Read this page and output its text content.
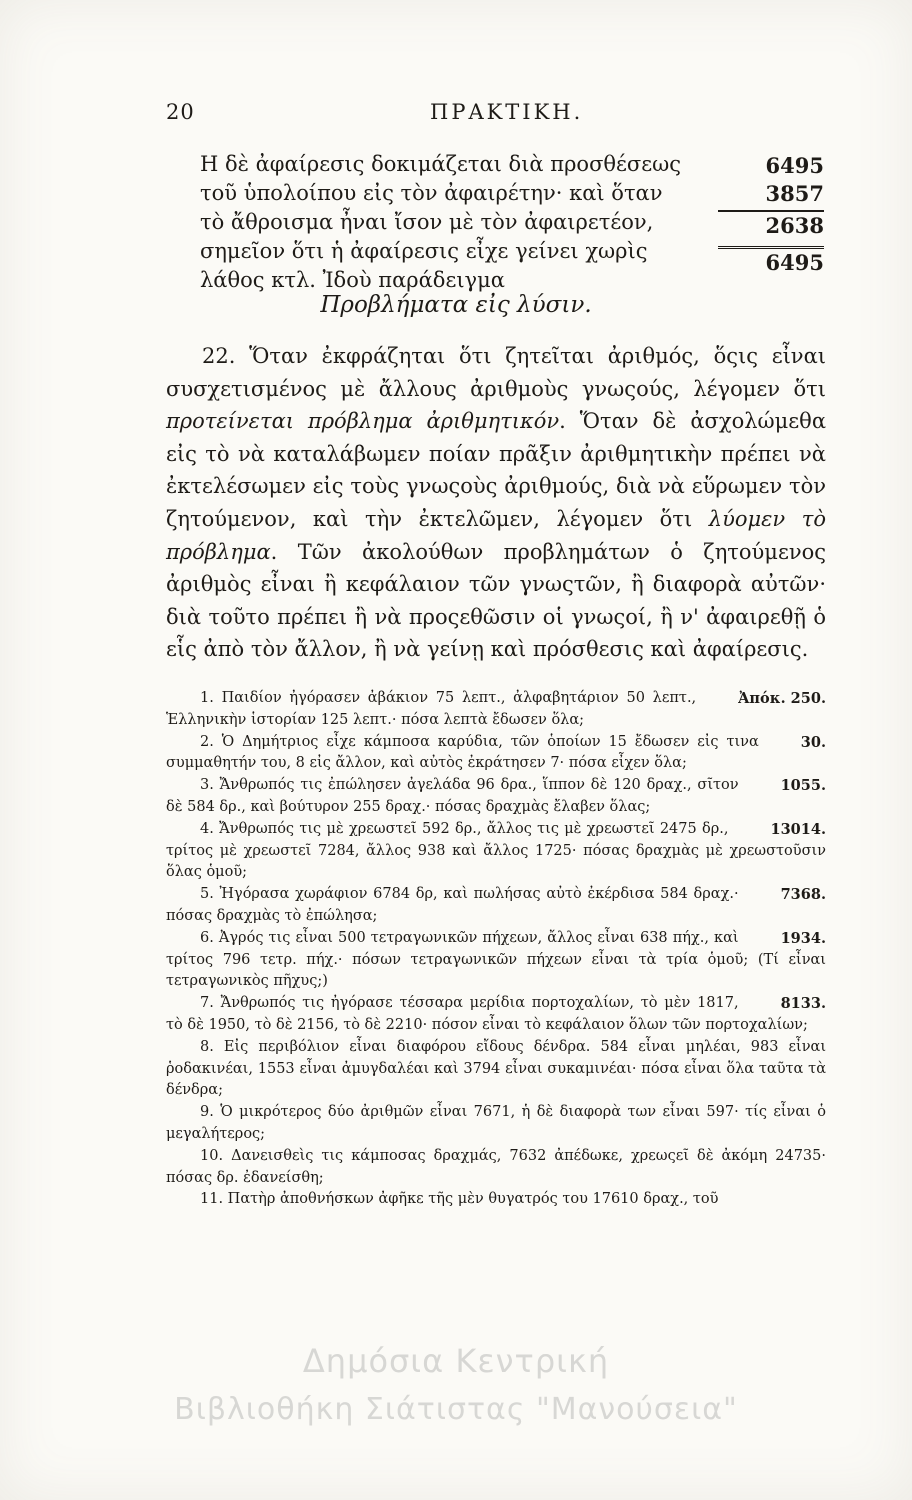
20	ΠΡΑΚΤΙΚΗ.

Η δὲ ἀφαίρεσις δοκιμάζεται διὰ προσθέσεως τοῦ ὑπολοίπου εἰς τὸν ἀφαιρέτην· καὶ ὅταν τὸ ἄθροισμα ἦναι ἴσον μὲ τὸν ἀφαιρετέον, σημεῖον ὅτι ἡ ἀφαίρεσις εἶχε γείνει χωρὶς λάθος κτλ. Ἰδοὺ παράδειγμα

6495
3857
2638
6495
Προβλήματα εἰς λύσιν.

22. Ὅταν ἐκφράζηται ὅτι ζητεῖται ἀριθμός, ὅςις εἶναι συσχετισμένος μὲ ἄλλους ἀριθμοὺς γνωςούς, λέγομεν ὅτι προτείνεται πρόβλημα ἀριθμητικόν. Ὅταν δὲ ἀσχολώμεθα εἰς τὸ νὰ καταλάβωμεν ποίαν πρᾶξιν ἀριθμητικὴν πρέπει νὰ ἐκτελέσωμεν εἰς τοὺς γνωςοὺς ἀριθμούς, διὰ νὰ εὕρωμεν τὸν ζητούμενον, καὶ τὴν ἐκτελῶμεν, λέγομεν ὅτι λύομεν τὸ πρόβλημα. Τῶν ἀκολούθων προβλημάτων ὁ ζητούμενος ἀριθμὸς εἶναι ἢ κεφάλαιον τῶν γνωςτῶν, ἢ διαφορὰ αὐτῶν· διὰ τοῦτο πρέπει ἢ νὰ προςεθῶσιν οἱ γνωςοί, ἢ ν' ἀφαιρεθῇ ὁ εἷς ἀπὸ τὸν ἄλλον, ἢ νὰ γείνῃ καὶ πρόσθεσις καὶ ἀφαίρεσις.

Ἀπόκ. 250.
1. Παιδίον ἠγόρασεν ἀβάκιον 75 λεπτ., ἀλφαβητάριον 50 λεπτ., Ἑλληνικὴν ἱστορίαν 125 λεπτ.· πόσα λεπτὰ ἔδωσεν ὅλα;

30.
2. Ὁ Δημήτριος εἶχε κάμποσα καρύδια, τῶν ὁποίων 15 ἔδωσεν εἰς τινα συμμαθητήν του, 8 εἰς ἄλλον, καὶ αὐτὸς ἐκράτησεν 7· πόσα εἶχεν ὅλα;

1055.
3. Ἄνθρωπός τις ἐπώλησεν ἀγελάδα 96 δρα., ἵππον δὲ 120 δραχ., σῖτον δὲ 584 δρ., καὶ βούτυρον 255 δραχ.· πόσας δραχμὰς ἔλαβεν ὅλας;

13014.
4. Ἄνθρωπός τις μὲ χρεωστεῖ 592 δρ., ἄλλος τις μὲ χρεωστεῖ 2475 δρ., τρίτος μὲ χρεωστεῖ 7284, ἄλλος 938 καὶ ἄλλος 1725· πόσας δραχμὰς μὲ χρεωστοῦσιν ὅλας ὁμοῦ;

7368.
5. Ἠγόρασα χωράφιον 6784 δρ, καὶ πωλήσας αὐτὸ ἐκέρδισα 584 δραχ.· πόσας δραχμὰς τὸ ἐπώλησα;

1934.
6. Ἀγρός τις εἶναι 500 τετραγωνικῶν πήχεων, ἄλλος εἶναι 638 πήχ., καὶ τρίτος 796 τετρ. πήχ.· πόσων τετραγωνικῶν πήχεων εἶναι τὰ τρία ὁμοῦ; (Τί εἶναι τετραγωνικὸς πῆχυς;)

8133.
7. Ἄνθρωπός τις ἠγόρασε τέσσαρα μερίδια πορτοχαλίων, τὸ μὲν 1817, τὸ δὲ 1950, τὸ δὲ 2156, τὸ δὲ 2210· πόσον εἶναι τὸ κεφάλαιον ὅλων τῶν πορτοχαλίων;

8. Εἰς περιβόλιον εἶναι διαφόρου εἴδους δένδρα. 584 εἶναι μηλέαι, 983 εἶναι ῥοδακινέαι, 1553 εἶναι ἀμυγδαλέαι καὶ 3794 εἶναι συκαμινέαι· πόσα εἶναι ὅλα ταῦτα τὰ δένδρα;

9. Ὁ μικρότερος δύο ἀριθμῶν εἶναι 7671, ἡ δὲ διαφορὰ των εἶναι 597· τίς εἶναι ὁ μεγαλήτερος;

10. Δανεισθεὶς τις κάμποσας δραχμάς, 7632 ἀπέδωκε, χρεωςεῖ δὲ ἀκόμη 24735· πόσας δρ. ἐδανείσθη;

11. Πατὴρ ἀποθνήσκων ἀφῆκε τῆς μὲν θυγατρός του 17610 δραχ., τοῦ

Δημόσια Κεντρική
Βιβλιοθήκη Σιάτιστας "Μανούσεια"
